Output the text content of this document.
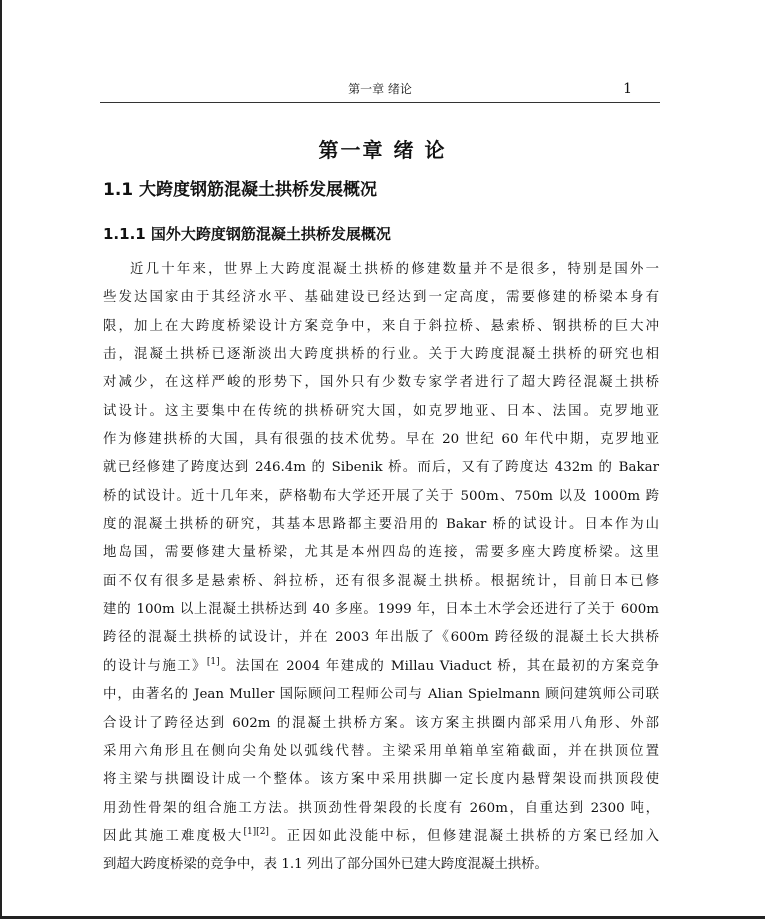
第一章 绪论	1
第一章 绪 论
1.1 大跨度钢筋混凝土拱桥发展概况
1.1.1 国外大跨度钢筋混凝土拱桥发展概况
近几十年来，世界上大跨度混凝土拱桥的修建数量并不是很多，特别是国外一
些发达国家由于其经济水平、基础建设已经达到一定高度，需要修建的桥梁本身有
限，加上在大跨度桥梁设计方案竞争中，来自于斜拉桥、悬索桥、钢拱桥的巨大冲
击，混凝土拱桥已逐渐淡出大跨度拱桥的行业。关于大跨度混凝土拱桥的研究也相
对减少，在这样严峻的形势下，国外只有少数专家学者进行了超大跨径混凝土拱桥
试设计。这主要集中在传统的拱桥研究大国，如克罗地亚、日本、法国。克罗地亚
作为修建拱桥的大国，具有很强的技术优势。早在 20 世纪 60 年代中期，克罗地亚
就已经修建了跨度达到 246.4m 的 Sibenik 桥。而后，又有了跨度达 432m 的 Bakar
桥的试设计。近十几年来，萨格勒布大学还开展了关于 500m、750m 以及 1000m 跨
度的混凝土拱桥的研究，其基本思路都主要沿用的 Bakar 桥的试设计。日本作为山
地岛国，需要修建大量桥梁，尤其是本州四岛的连接，需要多座大跨度桥梁。这里
面不仅有很多是悬索桥、斜拉桥，还有很多混凝土拱桥。根据统计，目前日本已修
建的 100m 以上混凝土拱桥达到 40 多座。1999 年，日本土木学会还进行了关于 600m
跨径的混凝土拱桥的试设计，并在 2003 年出版了《600m 跨径级的混凝土长大拱桥
的设计与施工》[1]。法国在 2004 年建成的 Millau Viaduct 桥，其在最初的方案竞争
中，由著名的 Jean Muller 国际顾问工程师公司与 Alian Spielmann 顾问建筑师公司联
合设计了跨径达到 602m 的混凝土拱桥方案。该方案主拱圈内部采用八角形、外部
采用六角形且在侧向尖角处以弧线代替。主梁采用单箱单室箱截面，并在拱顶位置
将主梁与拱圈设计成一个整体。该方案中采用拱脚一定长度内悬臂架设而拱顶段使
用劲性骨架的组合施工方法。拱顶劲性骨架段的长度有 260m，自重达到 2300 吨，
因此其施工难度极大[1][2]。正因如此没能中标，但修建混凝土拱桥的方案已经加入
到超大跨度桥梁的竞争中，表 1.1 列出了部分国外已建大跨度混凝土拱桥。
